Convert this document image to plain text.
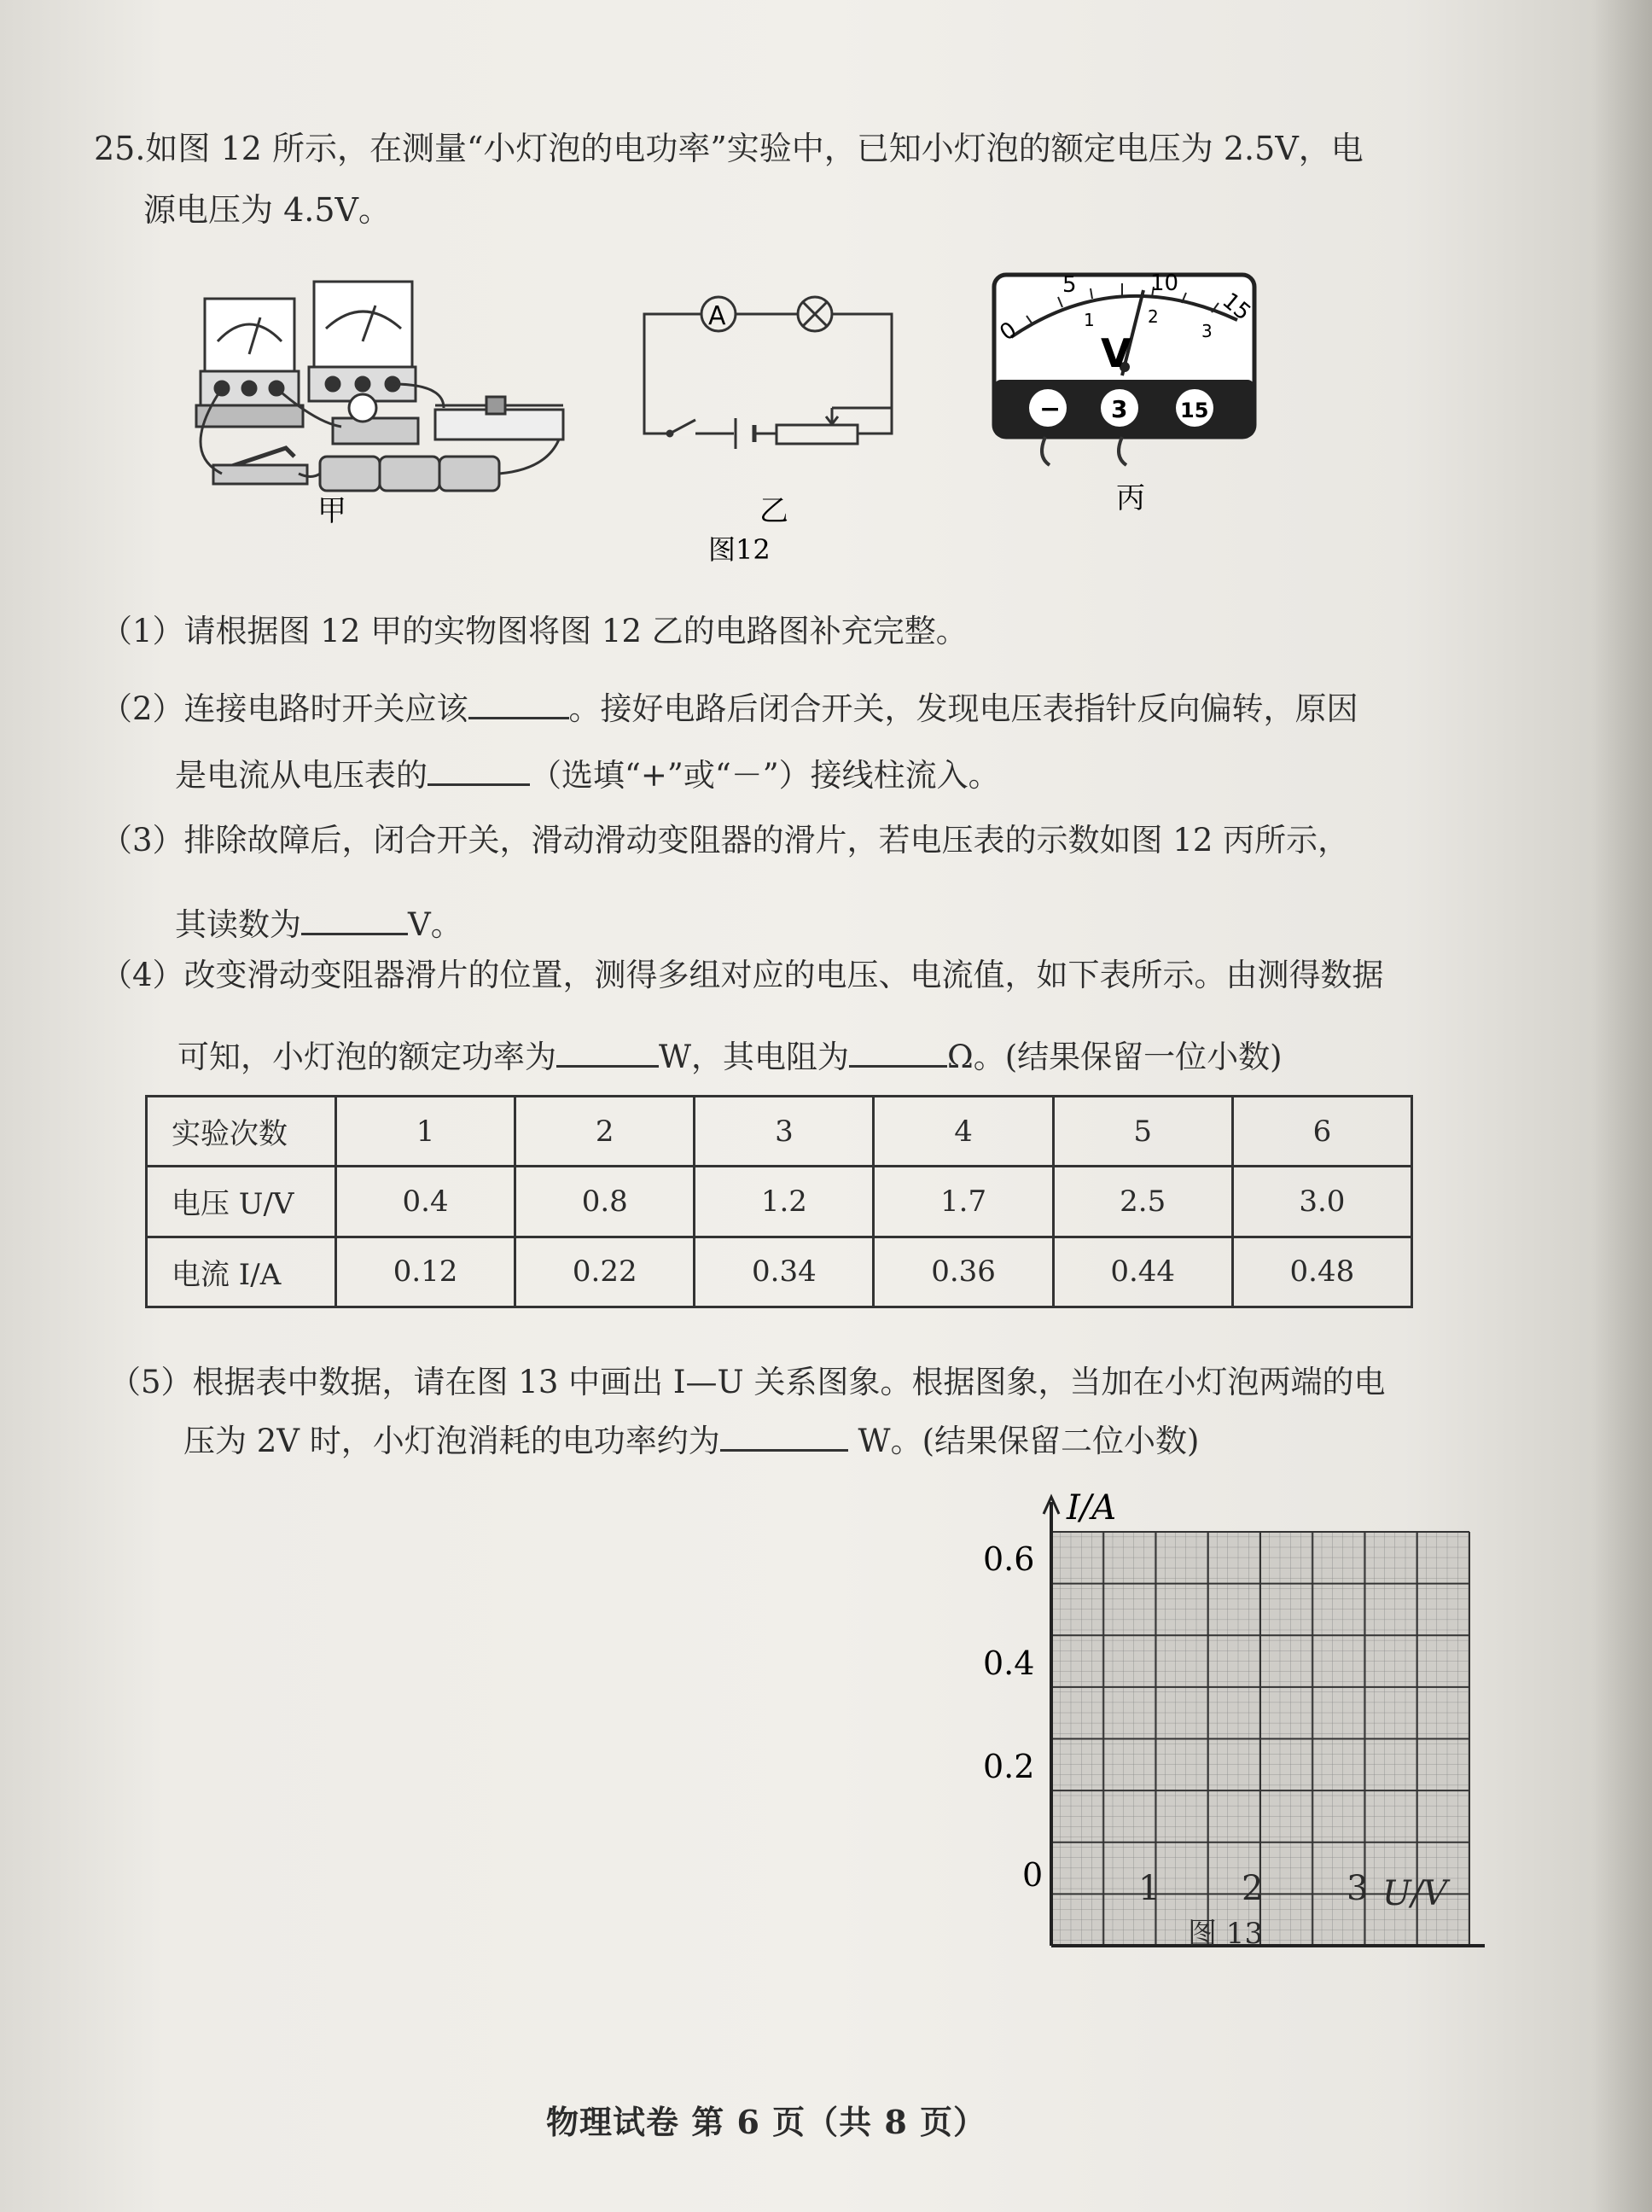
25.如图 12 所示，在测量“小灯泡的电功率”实验中，已知小灯泡的额定电压为 2.5V，电
源电压为 4.5V。
甲
A
乙
0
5	10
15
1	2
3
V
− 3	15
丙
图12
（1）请根据图 12 甲的实物图将图 12 乙的电路图补充完整。
（2）连接电路时开关应该	。接好电路后闭合开关，发现电压表指针反向偏转，原因
是电流从电压表的	（选填“+”或“－”）接线柱流入。
（3）排除故障后，闭合开关，滑动滑动变阻器的滑片，若电压表的示数如图 12 丙所示，
其读数为	V。
（4）改变滑动变阻器滑片的位置，测得多组对应的电压、电流值，如下表所示。由测得数据
可知，小灯泡的额定功率为	W，其电阻为	Ω。(结果保留一位小数)
实验次数	1	2	3	4	5	6
电压 U/V	0.4	0.8	1.2	1.7	2.5	3.0
电流 I/A	0.12	0.22	0.34	0.36	0.44	0.48
（5）根据表中数据，请在图 13 中画出 I—U 关系图象。根据图象，当加在小灯泡两端的电
压为 2V 时，小灯泡消耗的电功率约为	W。(结果保留二位小数)
I/A
0.6
0.4
0.2
0	1 2 3 U/V
图 13
物理试卷 第 6 页（共 8 页）
